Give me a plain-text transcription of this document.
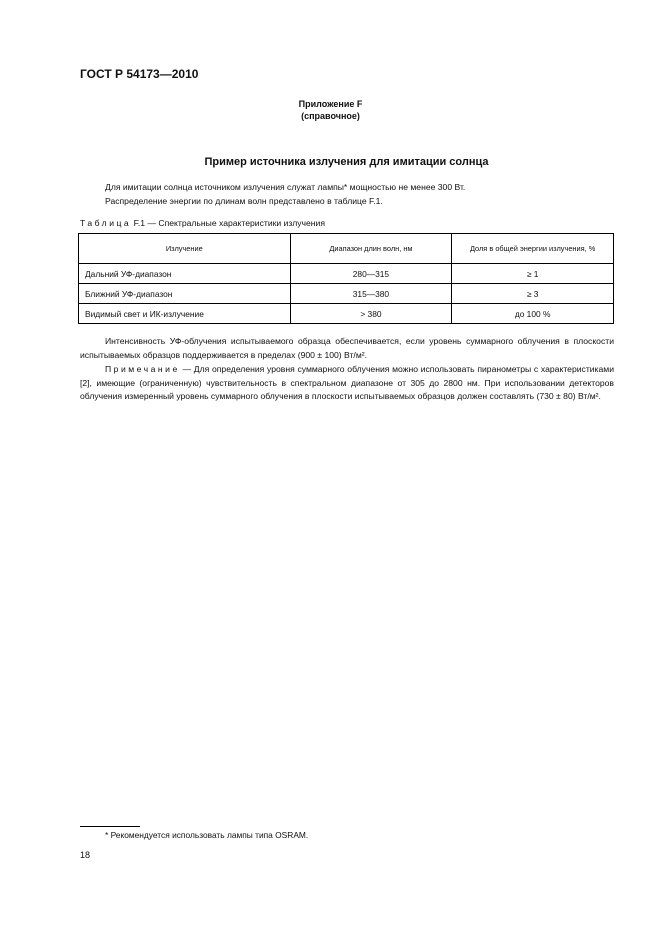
ГОСТ Р 54173—2010
Приложение F
(справочное)
Пример источника излучения для имитации солнца
Для имитации солнца источником излучения служат лампы* мощностью не менее 300 Вт.
Распределение энергии по длинам волн представлено в таблице F.1.
Таблица F.1 — Спектральные характеристики излучения
Излучение	Диапазон длин волн, нм	Доля в общей энергии излучения, %
Дальний УФ-диапазон	280—315	≥ 1
Ближний УФ-диапазон	315—380	≥ 3
Видимый свет и ИК-излучение	> 380	до 100 %
Интенсивность УФ-облучения испытываемого образца обеспечивается, если уровень суммарного облучения в плоскости испытываемых образцов поддерживается в пределах (900 ± 100) Вт/м².
Примечание — Для определения уровня суммарного облучения можно использовать пиранометры с характеристиками [2], имеющие (ограниченную) чувствительность в спектральном диапазоне от 305 до 2800 нм. При использовании детекторов облучения измеренный уровень суммарного облучения в плоскости испытываемых образцов должен составлять (730 ± 80) Вт/м².
* Рекомендуется использовать лампы типа OSRAM.
18
